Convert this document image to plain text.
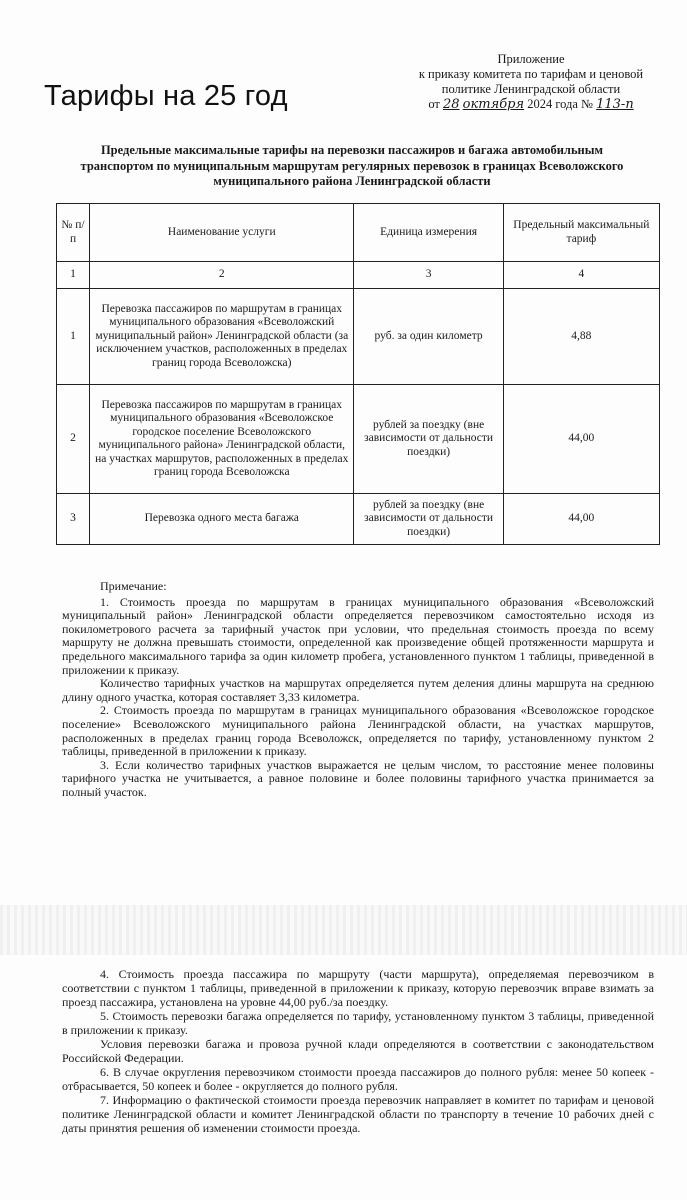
Тарифы на 25 год
Приложение
к приказу комитета по тарифам и ценовой
политике Ленинградской области
от 28 октября 2024 года № 113-п
Предельные максимальные тарифы на перевозки пассажиров и багажа автомобильным транспортом по муниципальным маршрутам регулярных перевозок в границах Всеволожского муниципального района Ленинградской области
№ п/п	Наименование услуги	Единица измерения	Предельный максимальный тариф
1	2	3	4
1	Перевозка пассажиров по маршрутам в границах муниципального образования «Всеволожский муниципальный район» Ленинградской области (за исключением участков, расположенных в пределах границ города Всеволожска)	руб. за один километр	4,88
2	Перевозка пассажиров по маршрутам в границах муниципального образования «Всеволожское городское поселение Всеволожского муниципального района» Ленинградской области, на участках маршрутов, расположенных в пределах границ города Всеволожска	рублей за поездку (вне зависимости от дальности поездки)	44,00
3	Перевозка одного места багажа	рублей за поездку (вне зависимости от дальности поездки)	44,00

Примечание:

1. Стоимость проезда по маршрутам в границах муниципального образования «Всеволожский муниципальный район» Ленинградской области определяется перевозчиком самостоятельно исходя из покилометрового расчета за тарифный участок при условии, что предельная стоимость проезда по всему маршруту не должна превышать стоимости, определенной как произведение общей протяженности маршрута и предельного максимального тарифа за один километр пробега, установленного пунктом 1 таблицы, приведенной в приложении к приказу.

Количество тарифных участков на маршрутах определяется путем деления длины маршрута на среднюю длину одного участка, которая составляет 3,33 километра.

2. Стоимость проезда по маршрутам в границах муниципального образования «Всеволожское городское поселение» Всеволожского муниципального района Ленинградской области, на участках маршрутов, расположенных в пределах границ города Всеволожск, определяется по тарифу, установленному пунктом 2 таблицы, приведенной в приложении к приказу.

3. Если количество тарифных участков выражается не целым числом, то расстояние менее половины тарифного участка не учитывается, а равное половине и более половины тарифного участка принимается за полный участок.

4. Стоимость проезда пассажира по маршруту (части маршрута), определяемая перевозчиком в соответствии с пунктом 1 таблицы, приведенной в приложении к приказу, которую перевозчик вправе взимать за проезд пассажира, установлена на уровне 44,00 руб./за поездку.

5. Стоимость перевозки багажа определяется по тарифу, установленному пунктом 3 таблицы, приведенной в приложении к приказу.

Условия перевозки багажа и провоза ручной клади определяются в соответствии с законодательством Российской Федерации.

6. В случае округления перевозчиком стоимости проезда пассажиров до полного рубля: менее 50 копеек - отбрасывается, 50 копеек и более - округляется до полного рубля.

7. Информацию о фактической стоимости проезда перевозчик направляет в комитет по тарифам и ценовой политике Ленинградской области и комитет Ленинградской области по транспорту в течение 10 рабочих дней с даты принятия решения об изменении стоимости проезда.
